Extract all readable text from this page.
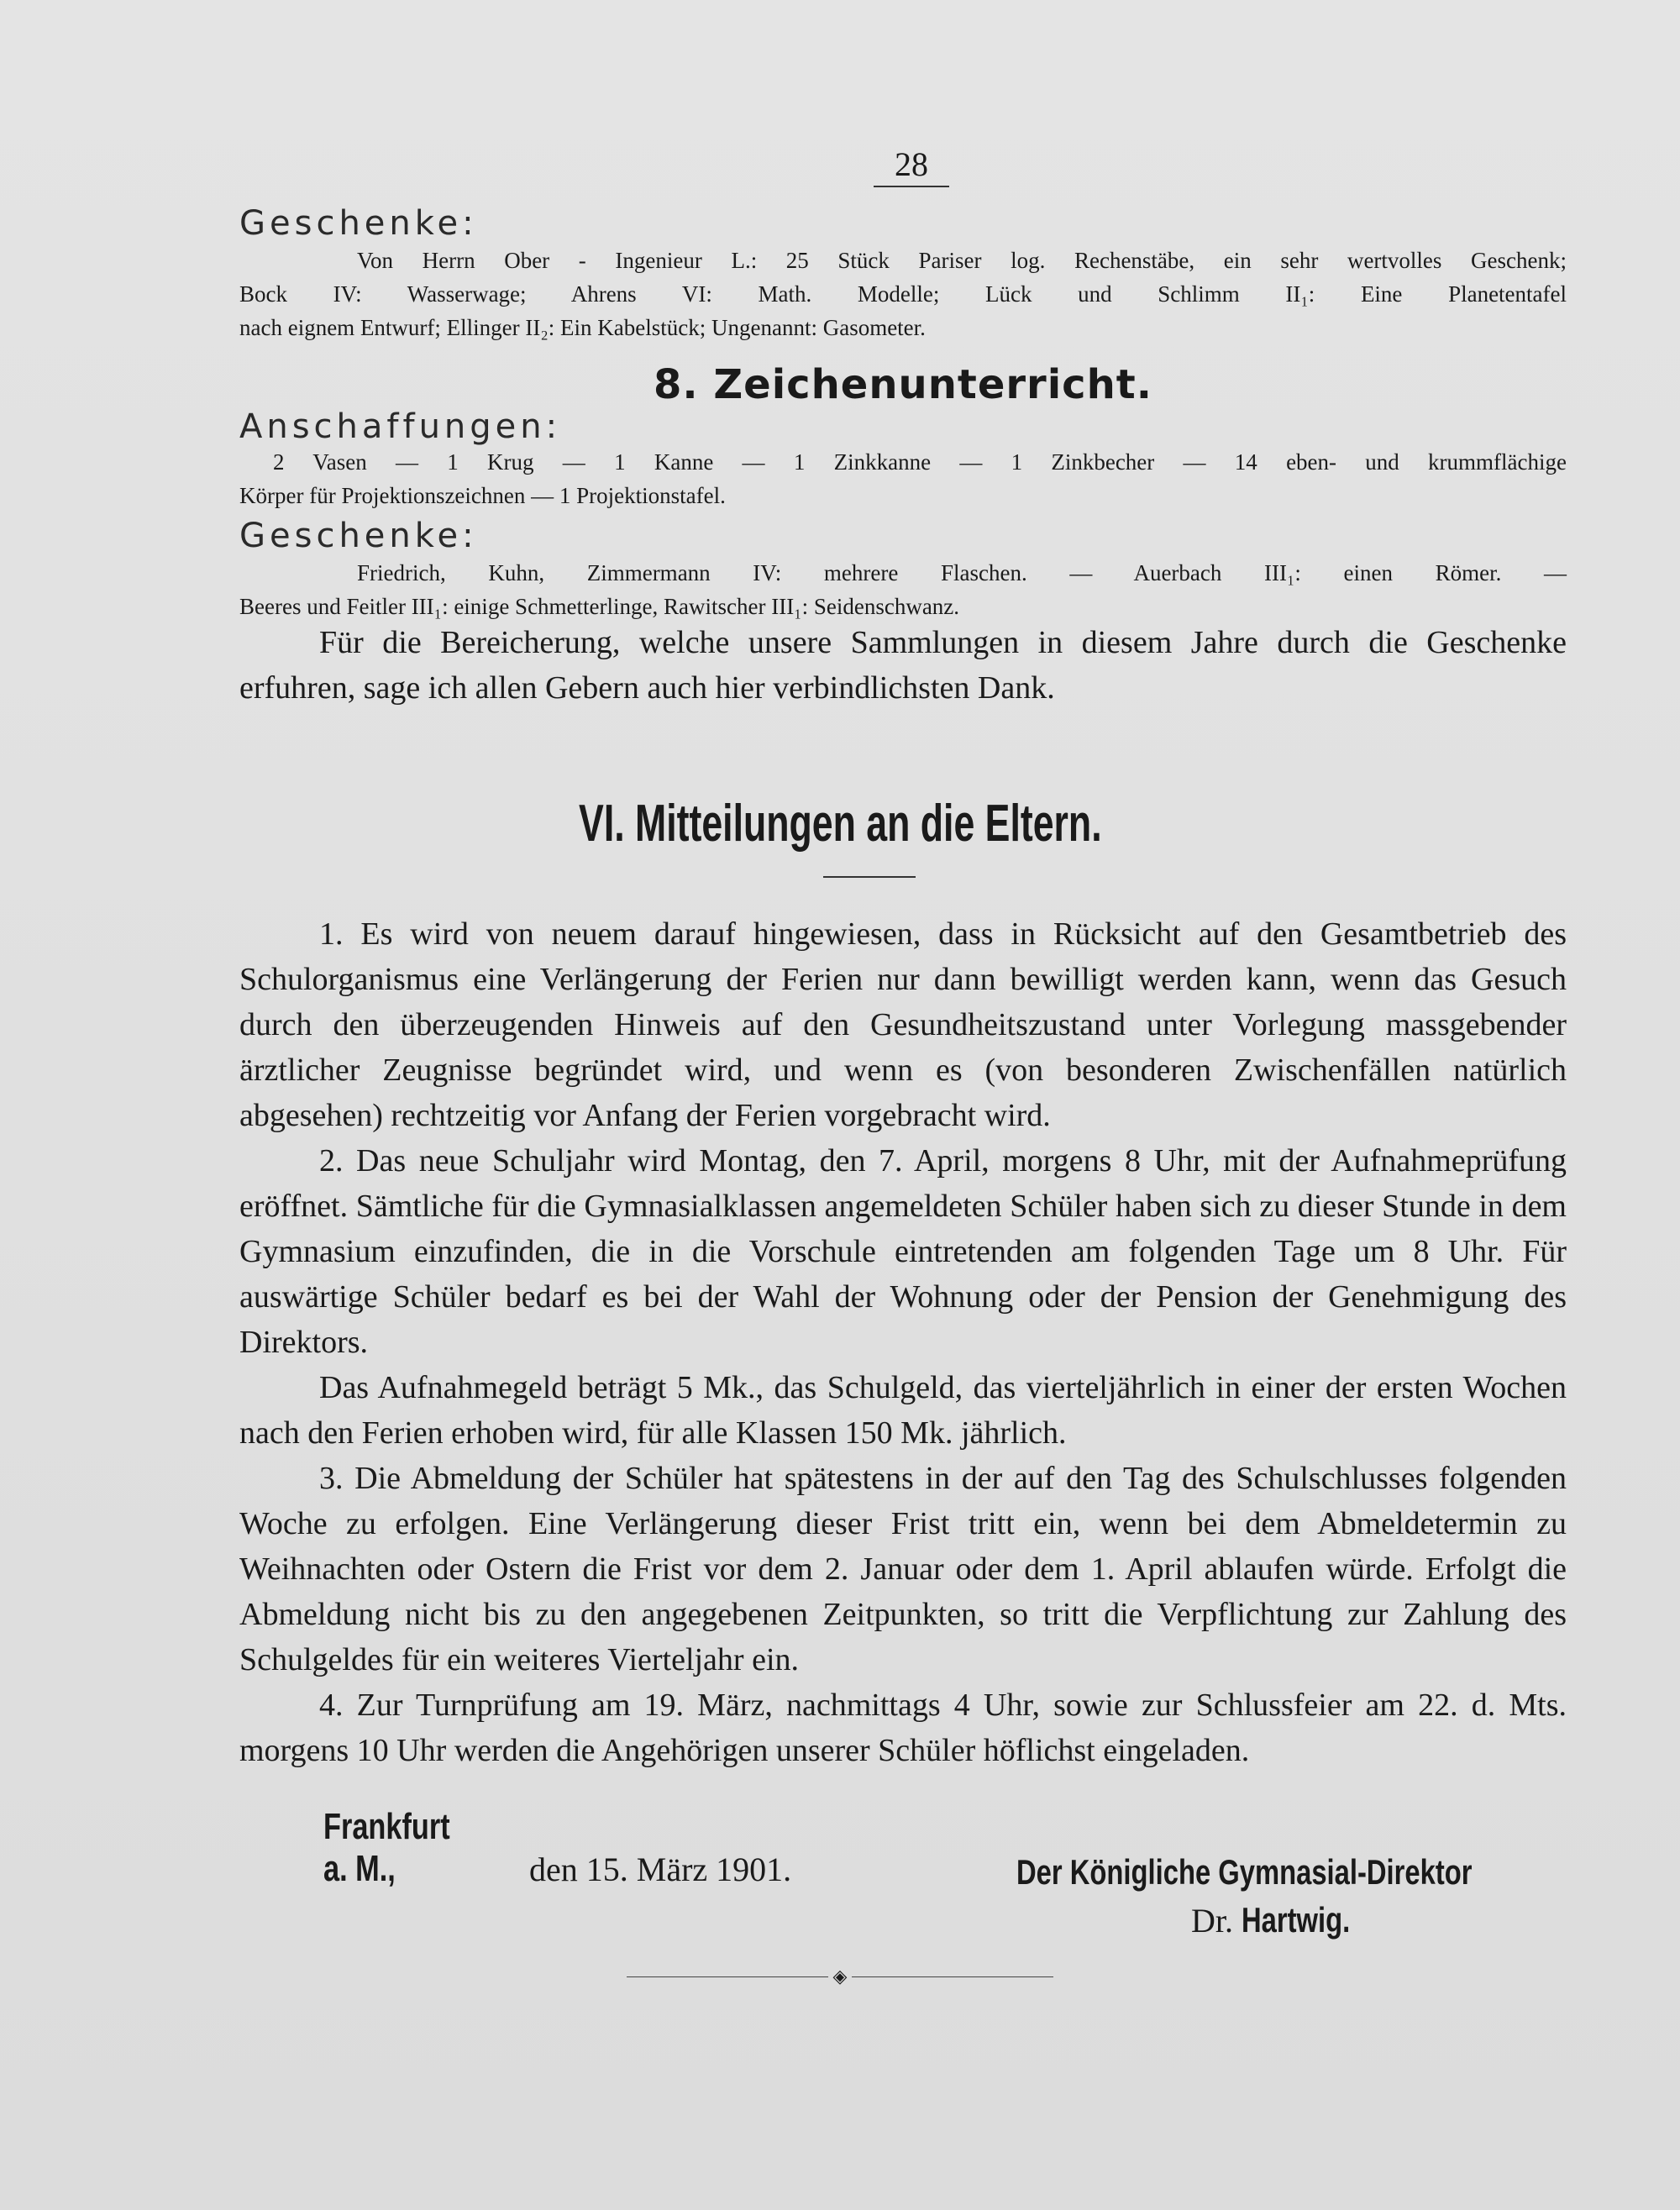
28
Geschenke:
Von Herrn Ober - Ingenieur L.: 25 Stück Pariser log. Rechenstäbe, ein sehr wertvolles Geschenk;
Bock IV: Wasserwage; Ahrens VI: Math. Modelle; Lück und Schlimm II₁: Eine Planetentafel
nach eignem Entwurf; Ellinger II₂: Ein Kabelstück; Ungenannt: Gasometer.
8. Zeichenunterricht.
Anschaffungen:
2 Vasen — 1 Krug — 1 Kanne — 1 Zinkkanne — 1 Zinkbecher — 14 eben- und krummflächige
Körper für Projektionszeichnen — 1 Projektionstafel.
Geschenke:
Friedrich, Kuhn, Zimmermann IV: mehrere Flaschen. — Auerbach III₁: einen Römer. —
Beeres und Feitler III₁: einige Schmetterlinge, Rawitscher III₁: Seidenschwanz.
Für die Bereicherung, welche unsere Sammlungen in diesem Jahre durch die Geschenke erfuhren, sage ich allen Gebern auch hier verbindlichsten Dank.
VI. Mitteilungen an die Eltern.
1. Es wird von neuem darauf hingewiesen, dass in Rücksicht auf den Gesamtbetrieb des Schulorganismus eine Verlängerung der Ferien nur dann bewilligt werden kann, wenn das Gesuch durch den überzeugenden Hinweis auf den Gesundheitszustand unter Vorlegung massgebender ärztlicher Zeugnisse begründet wird, und wenn es (von besonderen Zwischenfällen natürlich abgesehen) rechtzeitig vor Anfang der Ferien vorgebracht wird.
2. Das neue Schuljahr wird Montag, den 7. April, morgens 8 Uhr, mit der Aufnahmeprüfung eröffnet. Sämtliche für die Gymnasialklassen angemeldeten Schüler haben sich zu dieser Stunde in dem Gymnasium einzufinden, die in die Vorschule eintretenden am folgenden Tage um 8 Uhr. Für auswärtige Schüler bedarf es bei der Wahl der Wohnung oder der Pension der Genehmigung des Direktors.
Das Aufnahmegeld beträgt 5 Mk., das Schulgeld, das vierteljährlich in einer der ersten Wochen nach den Ferien erhoben wird, für alle Klassen 150 Mk. jährlich.
3. Die Abmeldung der Schüler hat spätestens in der auf den Tag des Schulschlusses folgenden Woche zu erfolgen. Eine Verlängerung dieser Frist tritt ein, wenn bei dem Abmeldetermin zu Weihnachten oder Ostern die Frist vor dem 2. Januar oder dem 1. April ablaufen würde. Erfolgt die Abmeldung nicht bis zu den angegebenen Zeitpunkten, so tritt die Verpflichtung zur Zahlung des Schulgeldes für ein weiteres Vierteljahr ein.
4. Zur Turnprüfung am 19. März, nachmittags 4 Uhr, sowie zur Schlussfeier am 22. d. Mts. morgens 10 Uhr werden die Angehörigen unserer Schüler höflichst eingeladen.
Frankfurt a. M.,	den 15. März 1901.	Der Königliche Gymnasial-Direktor
Dr. Hartwig.
◈
